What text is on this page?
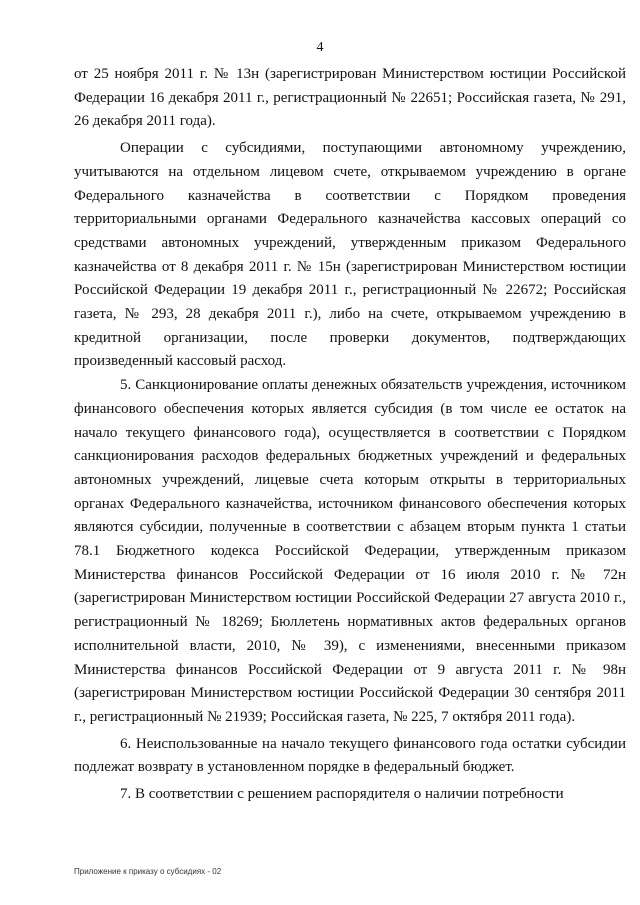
4

от 25 ноября 2011 г. № 13н (зарегистрирован Министерством юстиции Российской Федерации 16 декабря 2011 г., регистрационный № 22651; Российская газета, № 291, 26 декабря 2011 года).

Операции с субсидиями, поступающими автономному учреждению, учитываются на отдельном лицевом счете, открываемом учреждению в органе Федерального казначейства в соответствии с Порядком проведения территориальными органами Федерального казначейства кассовых операций со средствами автономных учреждений, утвержденным приказом Федерального казначейства от 8 декабря 2011 г. № 15н (зарегистрирован Министерством юстиции Российской Федерации 19 декабря 2011 г., регистрационный № 22672; Российская газета, № 293, 28 декабря 2011 г.), либо на счете, открываемом учреждению в кредитной организации, после проверки документов, подтверждающих произведенный кассовый расход.

5. Санкционирование оплаты денежных обязательств учреждения, источником финансового обеспечения которых является субсидия (в том числе ее остаток на начало текущего финансового года), осуществляется в соответствии с Порядком санкционирования расходов федеральных бюджетных учреждений и федеральных автономных учреждений, лицевые счета которым открыты в территориальных органах Федерального казначейства, источником финансового обеспечения которых являются субсидии, полученные в соответствии с абзацем вторым пункта 1 статьи 78.1 Бюджетного кодекса Российской Федерации, утвержденным приказом Министерства финансов Российской Федерации от 16 июля 2010 г. № 72н (зарегистрирован Министерством юстиции Российской Федерации 27 августа 2010 г., регистрационный № 18269; Бюллетень нормативных актов федеральных органов исполнительной власти, 2010, № 39), с изменениями, внесенными приказом Министерства финансов Российской Федерации от 9 августа 2011 г. № 98н (зарегистрирован Министерством юстиции Российской Федерации 30 сентября 2011 г., регистрационный № 21939; Российская газета, № 225, 7 октября 2011 года).

6. Неиспользованные на начало текущего финансового года остатки субсидии подлежат возврату в установленном порядке в федеральный бюджет.

7. В соответствии с решением распорядителя о наличии потребности

Приложение к приказу о субсидиях - 02
